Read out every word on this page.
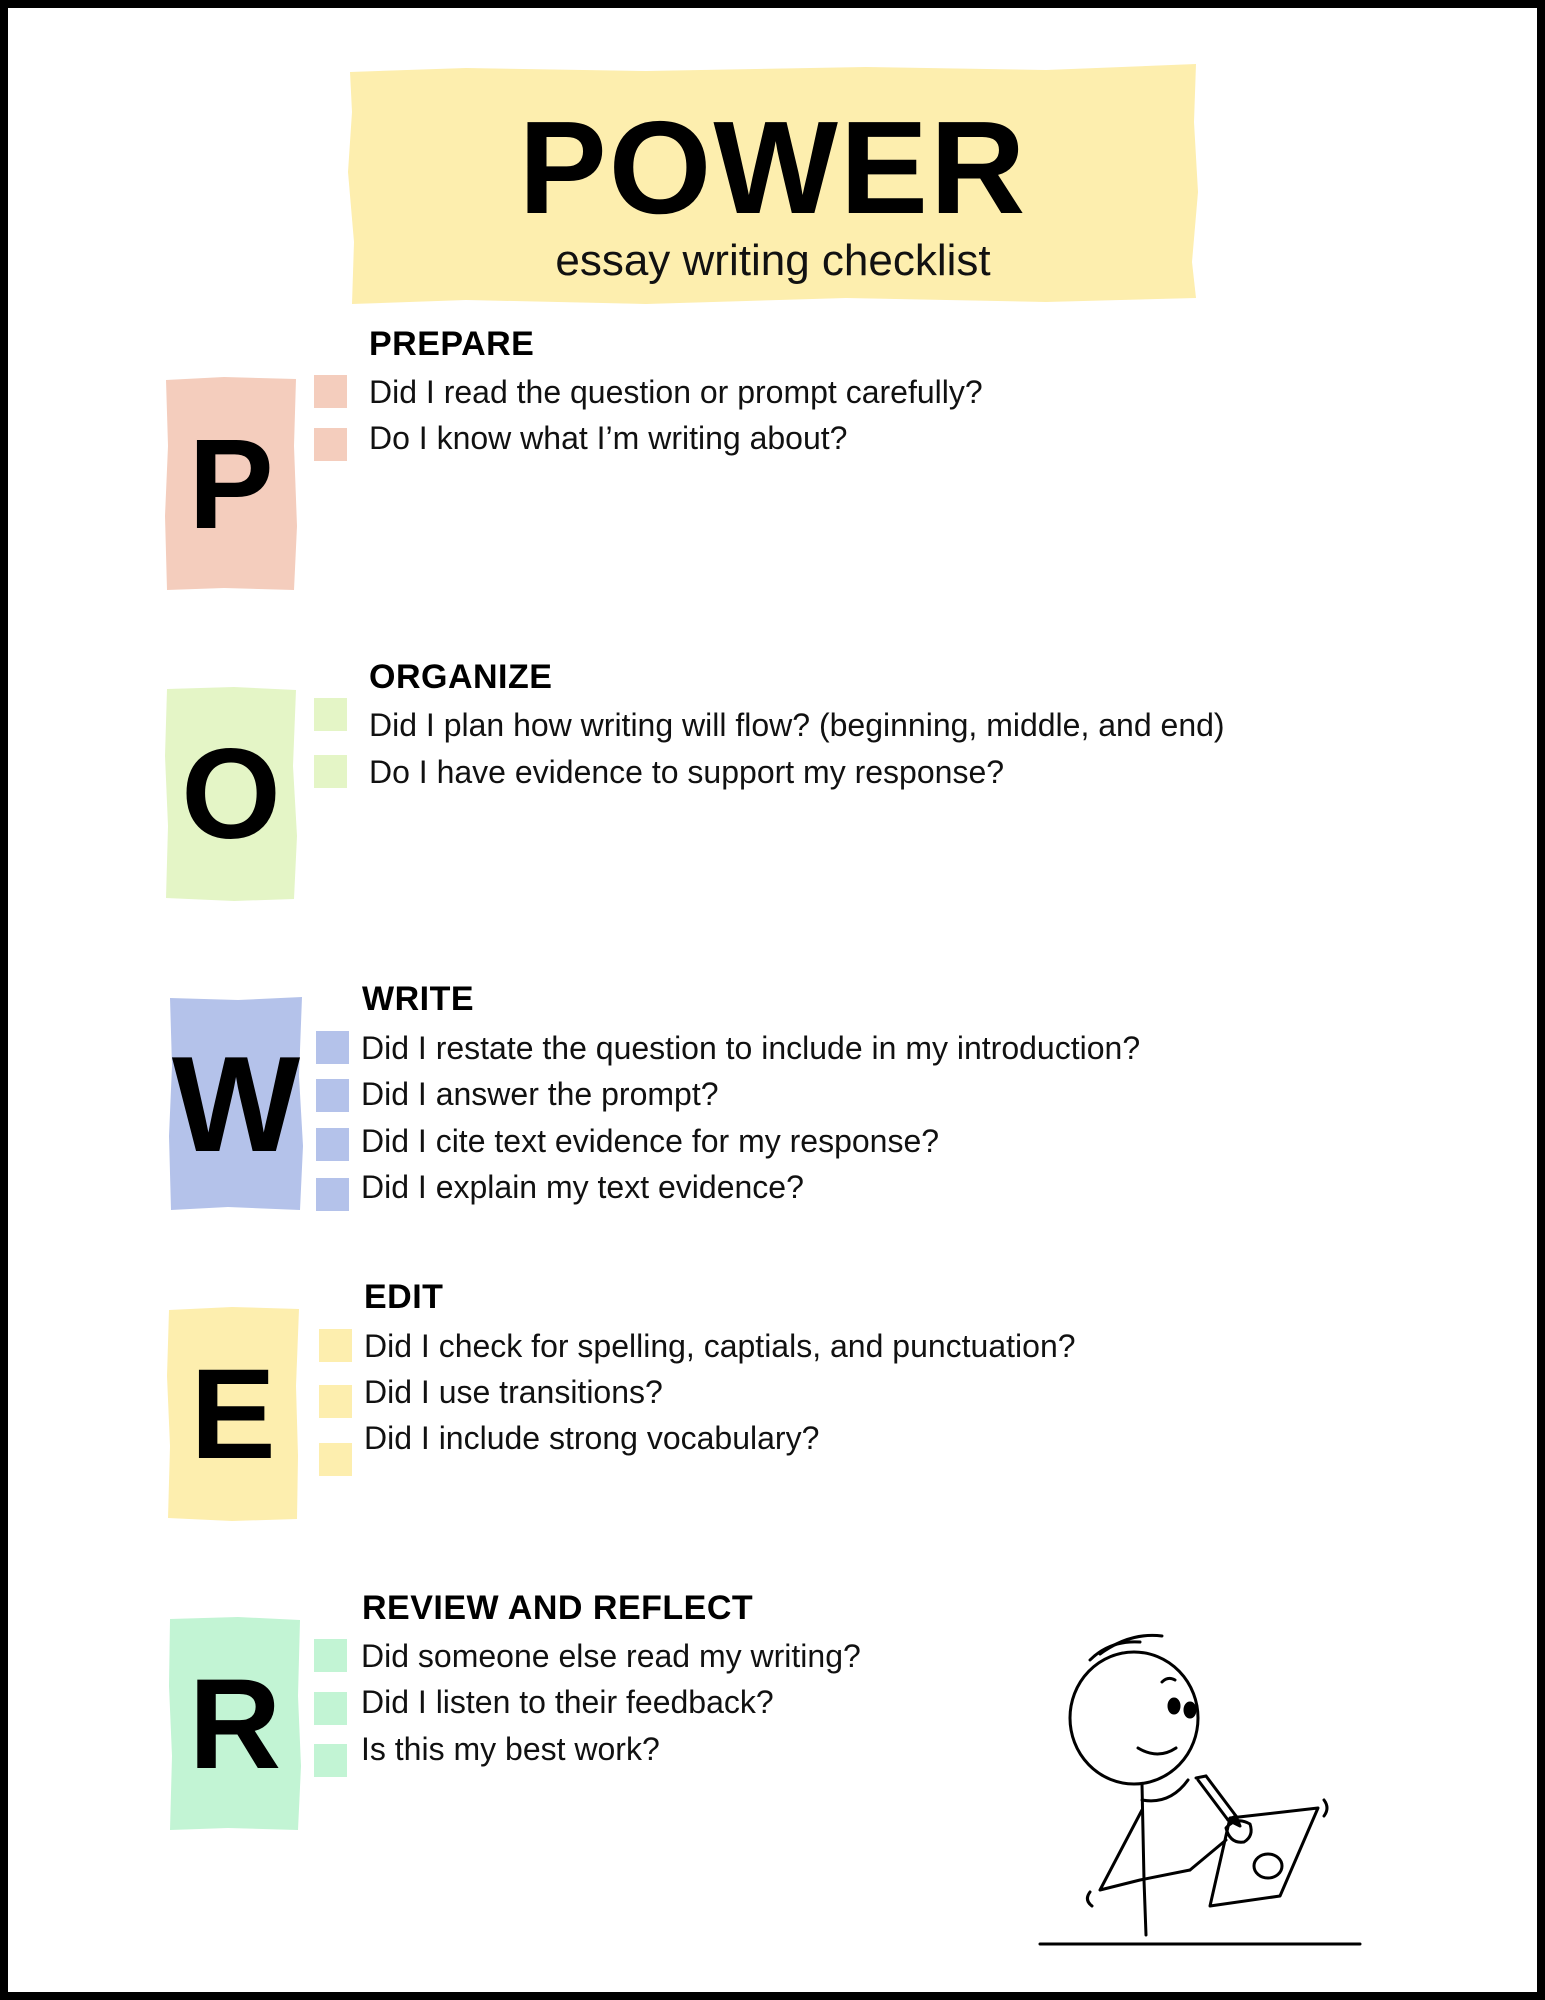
POWER
essay writing checklist
P
PREPARE
Did I read the question or prompt carefully?
Do I know what I’m writing about?
O
ORGANIZE
Did I plan how writing will flow? (beginning, middle, and end)
Do I have evidence to support my response?
W
WRITE
Did I restate the question to include in my introduction?
Did I answer the prompt?
Did I cite text evidence for my response?
Did I explain my text evidence?
E
EDIT
Did I check for spelling, captials, and punctuation?
Did I use transitions?
Did I include strong vocabulary?
R
REVIEW AND REFLECT
Did someone else read my writing?
Did I listen to their feedback?
Is this my best work?
